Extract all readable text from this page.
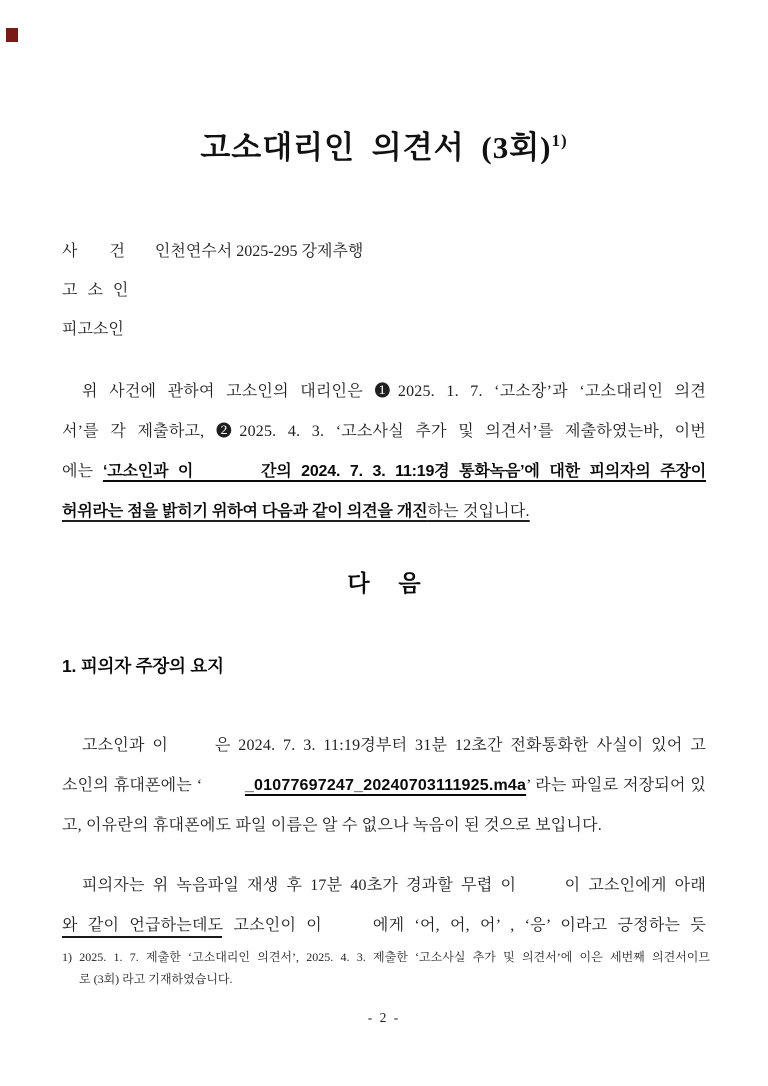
고소대리인 의견서 (3회)$^{1)}$
사        건 인천연수서 2025-295 강제추행
고 소 인
피고소인
위 사건에 관하여 고소인의 대리인은 ❶2025. 1. 7. ‘고소장’과 ‘고소대리인 의견
서’를 각 제출하고, ❷2025. 4. 3. ‘고소사실 추가 및 의견서’를 제출하였는바, 이번
에는 ‘고소인과 이       간의 2024. 7. 3. 11:19경 통화녹음’에 대한 피의자의 주장이
허위라는 점을 밝히기 위하여 다음과 같이 의견을 개진하는 것입니다.
다  음
1. 피의자 주장의 요지
고소인과 이      은 2024. 7. 3. 11:19경부터 31분 12초간 전화통화한 사실이 있어 고
소인의 휴대폰에는 ‘         _01077697247_20240703111925.m4a’ 라는 파일로 저장되어 있
고, 이유란의 휴대폰에도 파일 이름은 알 수 없으나 녹음이 된 것으로 보입니다.
피의자는 위 녹음파일 재생 후 17분 40초가 경과할 무렵 이      이 고소인에게 아래
와 같이 언급하는데도 고소인이 이     에게 ‘어, 어, 어’ , ‘응’ 이라고 긍정하는 듯
1) 2025. 1. 7. 제출한 ‘고소대리인 의견서’, 2025. 4. 3. 제출한 ‘고소사실 추가 및 의견서’에 이은 세번째 의견서이므
로 (3회) 라고 기재하였습니다.
- 2 -
